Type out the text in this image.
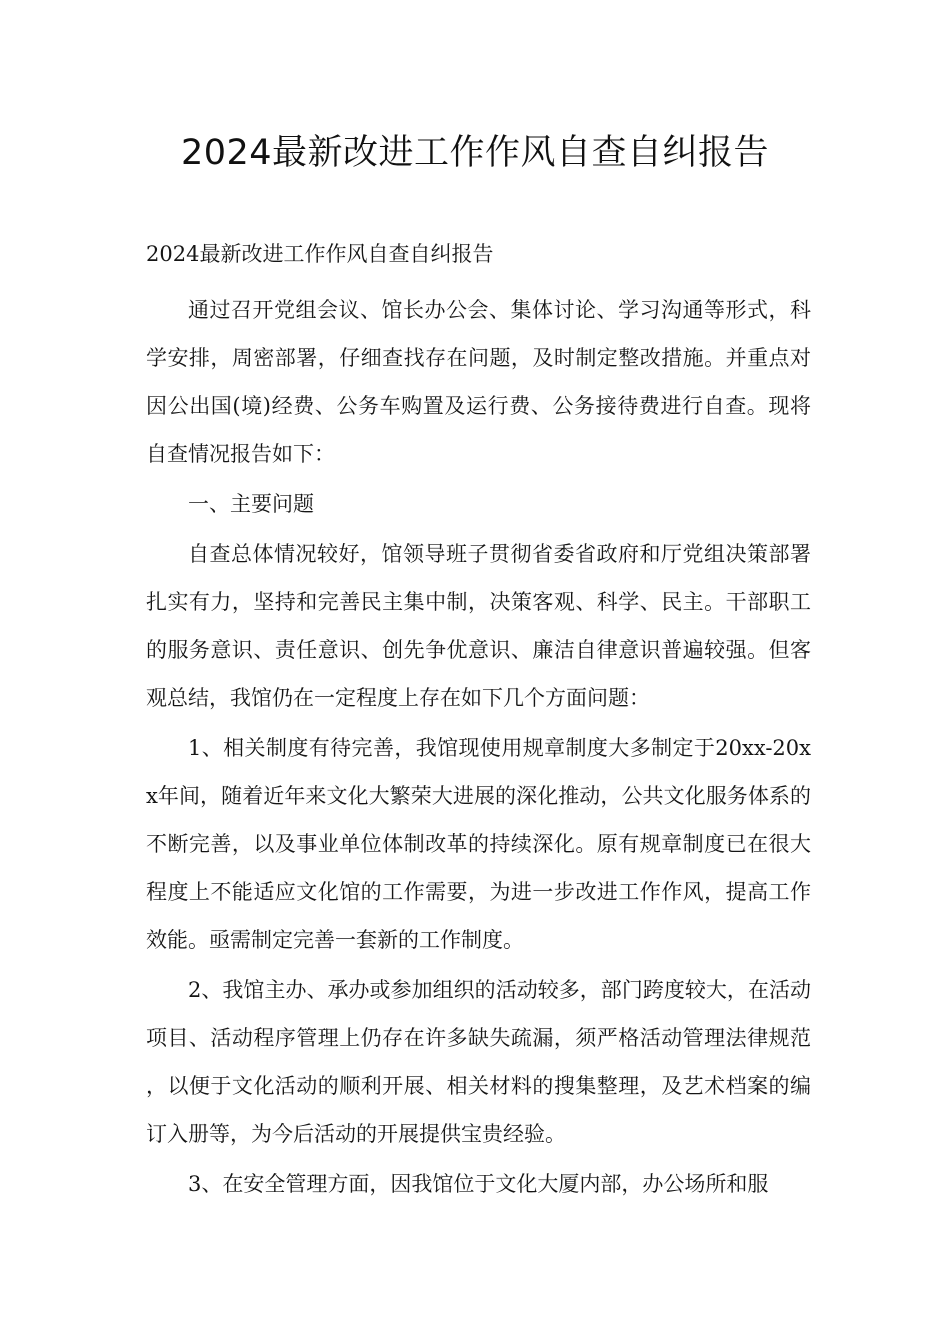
2024最新改进工作作风自查自纠报告

2024最新改进工作作风自查自纠报告

通过召开党组会议、馆长办公会、集体讨论、学习沟通等形式，科学安排，周密部署，仔细查找存在问题，及时制定整改措施。并重点对因公出国(境)经费、公务车购置及运行费、公务接待费进行自查。现将自查情况报告如下：

一、主要问题

自查总体情况较好，馆领导班子贯彻省委省政府和厅党组决策部署扎实有力，坚持和完善民主集中制，决策客观、科学、民主。干部职工的服务意识、责任意识、创先争优意识、廉洁自律意识普遍较强。但客观总结，我馆仍在一定程度上存在如下几个方面问题：

1、相关制度有待完善，我馆现使用规章制度大多制定于20xx-20xx年间，随着近年来文化大繁荣大进展的深化推动，公共文化服务体系的不断完善，以及事业单位体制改革的持续深化。原有规章制度已在很大程度上不能适应文化馆的工作需要，为进一步改进工作作风，提高工作效能。亟需制定完善一套新的工作制度。

2、我馆主办、承办或参加组织的活动较多，部门跨度较大，在活动项目、活动程序管理上仍存在许多缺失疏漏，须严格活动管理法律规范，以便于文化活动的顺利开展、相关材料的搜集整理，及艺术档案的编订入册等，为今后活动的开展提供宝贵经验。

3、在安全管理方面，因我馆位于文化大厦内部，办公场所和服
